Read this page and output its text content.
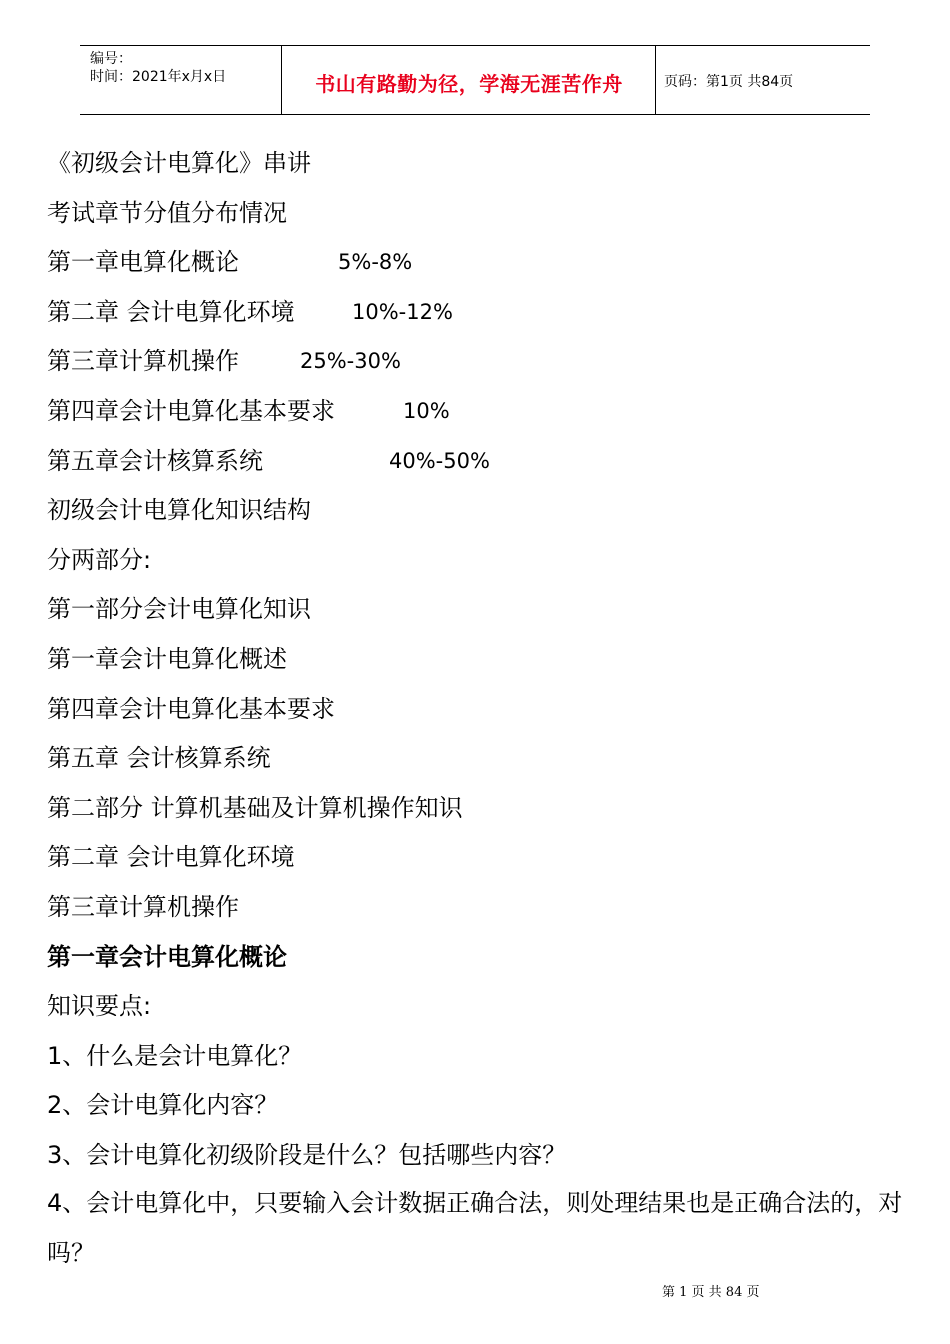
编号：
时间：2021年x月x日	书山有路勤为径，学海无涯苦作舟	页码：第1页 共84页
《初级会计电算化》串讲
考试章节分值分布情况
第一章电算化概论	5%-8%
第二章 会计电算化环境	10%-12%
第三章计算机操作	25%-30%
第四章会计电算化基本要求	10%
第五章会计核算系统	40%-50%
初级会计电算化知识结构
分两部分:
第一部分会计电算化知识
第一章会计电算化概述
第四章会计电算化基本要求
第五章 会计核算系统
第二部分 计算机基础及计算机操作知识
第二章 会计电算化环境
第三章计算机操作
第一章会计电算化概论
知识要点:
1、什么是会计电算化？
2、会计电算化内容？
3、会计电算化初级阶段是什么？包括哪些内容？
4、会计电算化中，只要输入会计数据正确合法，则处理结果也是正确合法的，对吗？
第 1 页 共 84 页
